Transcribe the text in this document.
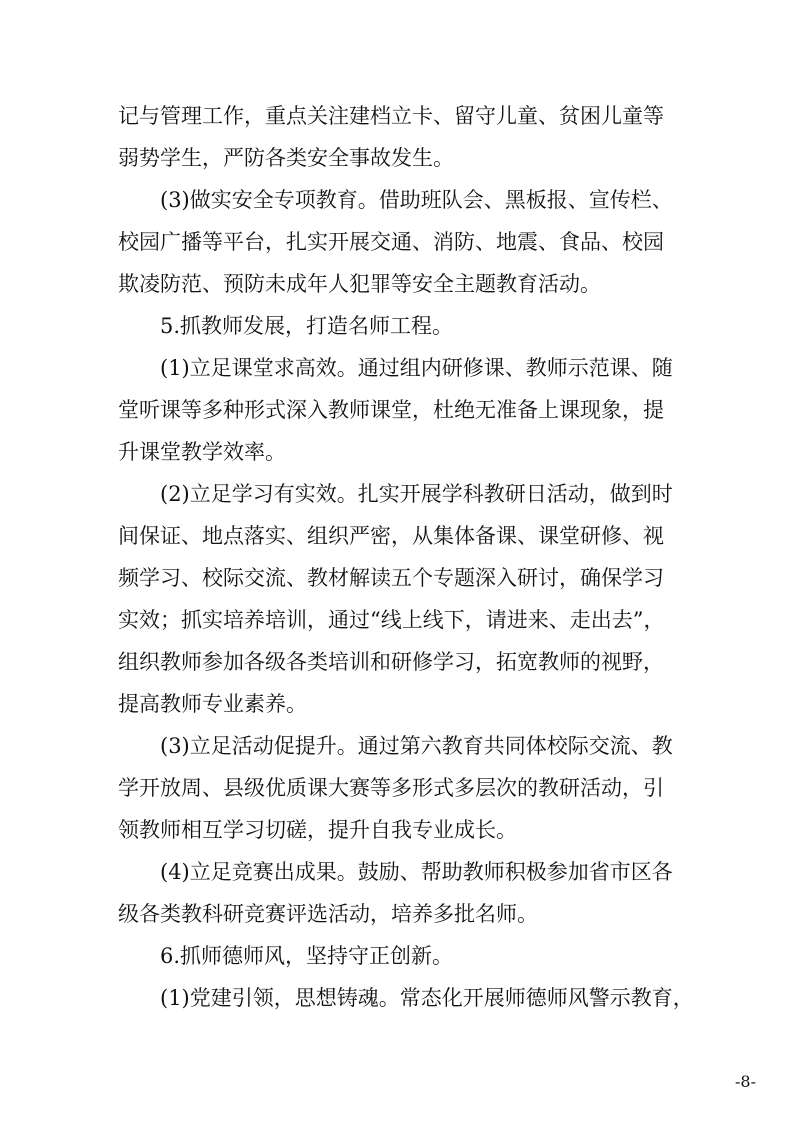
记与管理工作，重点关注建档立卡、留守儿童、贫困儿童等
弱势学生，严防各类安全事故发生。
(3)做实安全专项教育。借助班队会、黑板报、宣传栏、
校园广播等平台，扎实开展交通、消防、地震、食品、校园
欺凌防范、预防未成年人犯罪等安全主题教育活动。
5.抓教师发展，打造名师工程。
(1)立足课堂求高效。通过组内研修课、教师示范课、随
堂听课等多种形式深入教师课堂，杜绝无准备上课现象，提
升课堂教学效率。
(2)立足学习有实效。扎实开展学科教研日活动，做到时
间保证、地点落实、组织严密，从集体备课、课堂研修、视
频学习、校际交流、教材解读五个专题深入研讨，确保学习
实效；抓实培养培训，通过“线上线下，请进来、走出去”，
组织教师参加各级各类培训和研修学习，拓宽教师的视野，
提高教师专业素养。
(3)立足活动促提升。通过第六教育共同体校际交流、教
学开放周、县级优质课大赛等多形式多层次的教研活动，引
领教师相互学习切磋，提升自我专业成长。
(4)立足竞赛出成果。鼓励、帮助教师积极参加省市区各
级各类教科研竞赛评选活动，培养多批名师。
6.抓师德师风，坚持守正创新。
(1)党建引领，思想铸魂。常态化开展师德师风警示教育，
-8-
